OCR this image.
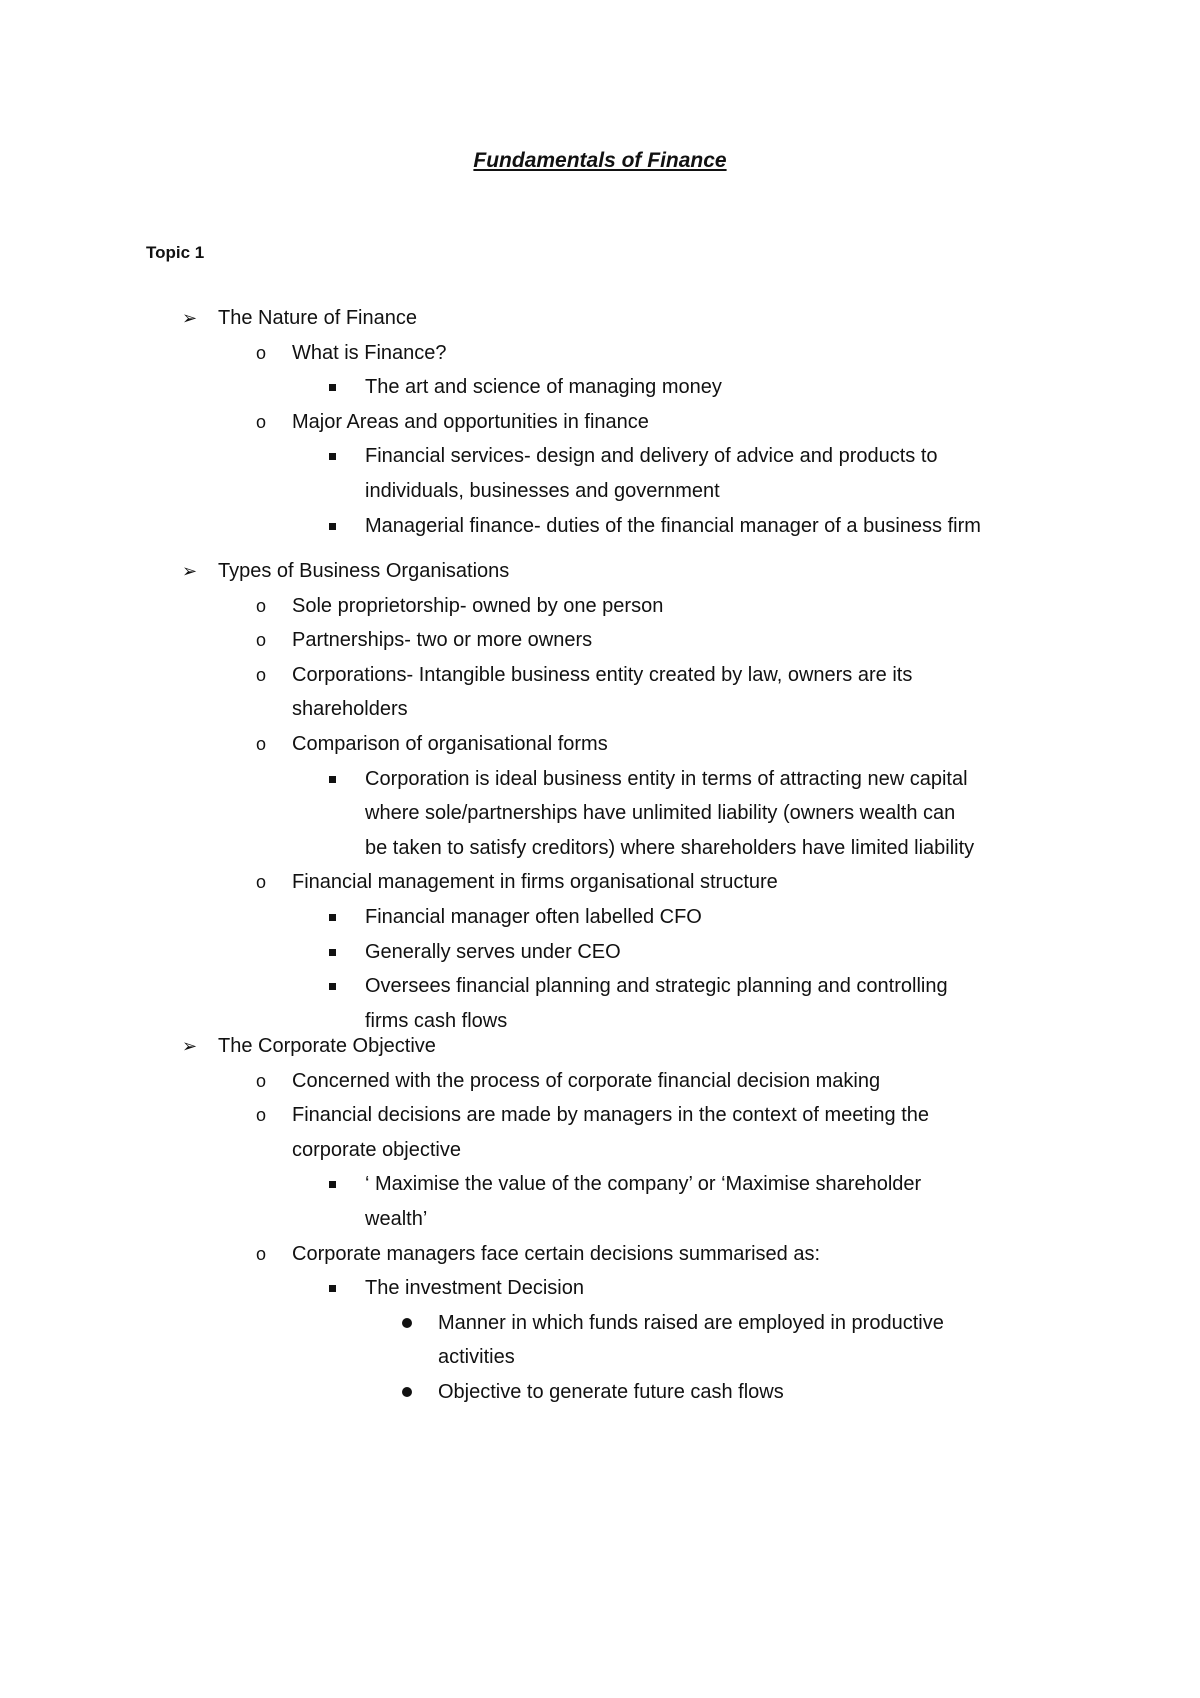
Fundamentals of Finance
Topic 1
➢ The Nature of Finance
o What is Finance?
The art and science of managing money
o Major Areas and opportunities in finance
Financial services- design and delivery of advice and products to
individuals, businesses and government
Managerial finance- duties of the financial manager of a business firm
➢ Types of Business Organisations
o Sole proprietorship- owned by one person
o Partnerships- two or more owners
o Corporations- Intangible business entity created by law, owners are its
shareholders
o Comparison of organisational forms
Corporation is ideal business entity in terms of attracting new capital
where sole/partnerships have unlimited liability (owners wealth can
be taken to satisfy creditors) where shareholders have limited liability
o Financial management in firms organisational structure
Financial manager often labelled CFO
Generally serves under CEO
Oversees financial planning and strategic planning and controlling
firms cash flows
➢ The Corporate Objective
o Concerned with the process of corporate financial decision making
o Financial decisions are made by managers in the context of meeting the
corporate objective
‘ Maximise the value of the company’ or ‘Maximise shareholder
wealth’
o Corporate managers face certain decisions summarised as:
The investment Decision
Manner in which funds raised are employed in productive
activities
Objective to generate future cash flows
